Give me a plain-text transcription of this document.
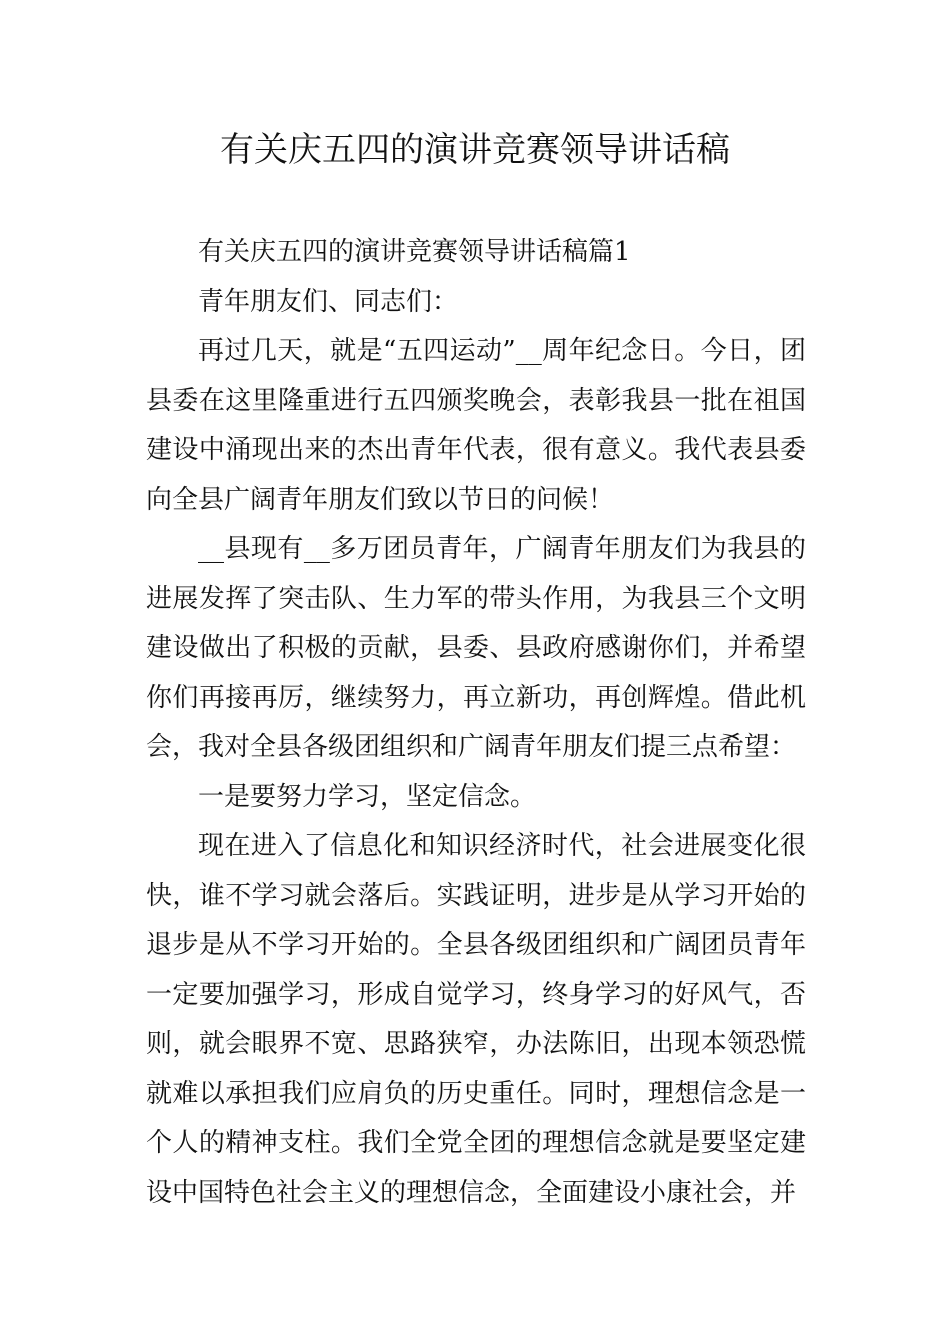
有关庆五四的演讲竞赛领导讲话稿

有关庆五四的演讲竞赛领导讲话稿篇1

青年朋友们、同志们：

再过几天，就是“五四运动”__周年纪念日。今日，团县委在这里隆重进行五四颁奖晚会，表彰我县一批在祖国建设中涌现出来的杰出青年代表，很有意义。我代表县委向全县广阔青年朋友们致以节日的问候！

__县现有__多万团员青年，广阔青年朋友们为我县的进展发挥了突击队、生力军的带头作用，为我县三个文明建设做出了积极的贡献，县委、县政府感谢你们，并希望你们再接再厉，继续努力，再立新功，再创辉煌。借此机会，我对全县各级团组织和广阔青年朋友们提三点希望：

一是要努力学习，坚定信念。

现在进入了信息化和知识经济时代，社会进展变化很快，谁不学习就会落后。实践证明，进步是从学习开始的退步是从不学习开始的。全县各级团组织和广阔团员青年一定要加强学习，形成自觉学习，终身学习的好风气，否则，就会眼界不宽、思路狭窄，办法陈旧，出现本领恐慌就难以承担我们应肩负的历史重任。同时，理想信念是一个人的精神支柱。我们全党全团的理想信念就是要坚定建设中国特色社会主义的理想信念，全面建设小康社会，并
